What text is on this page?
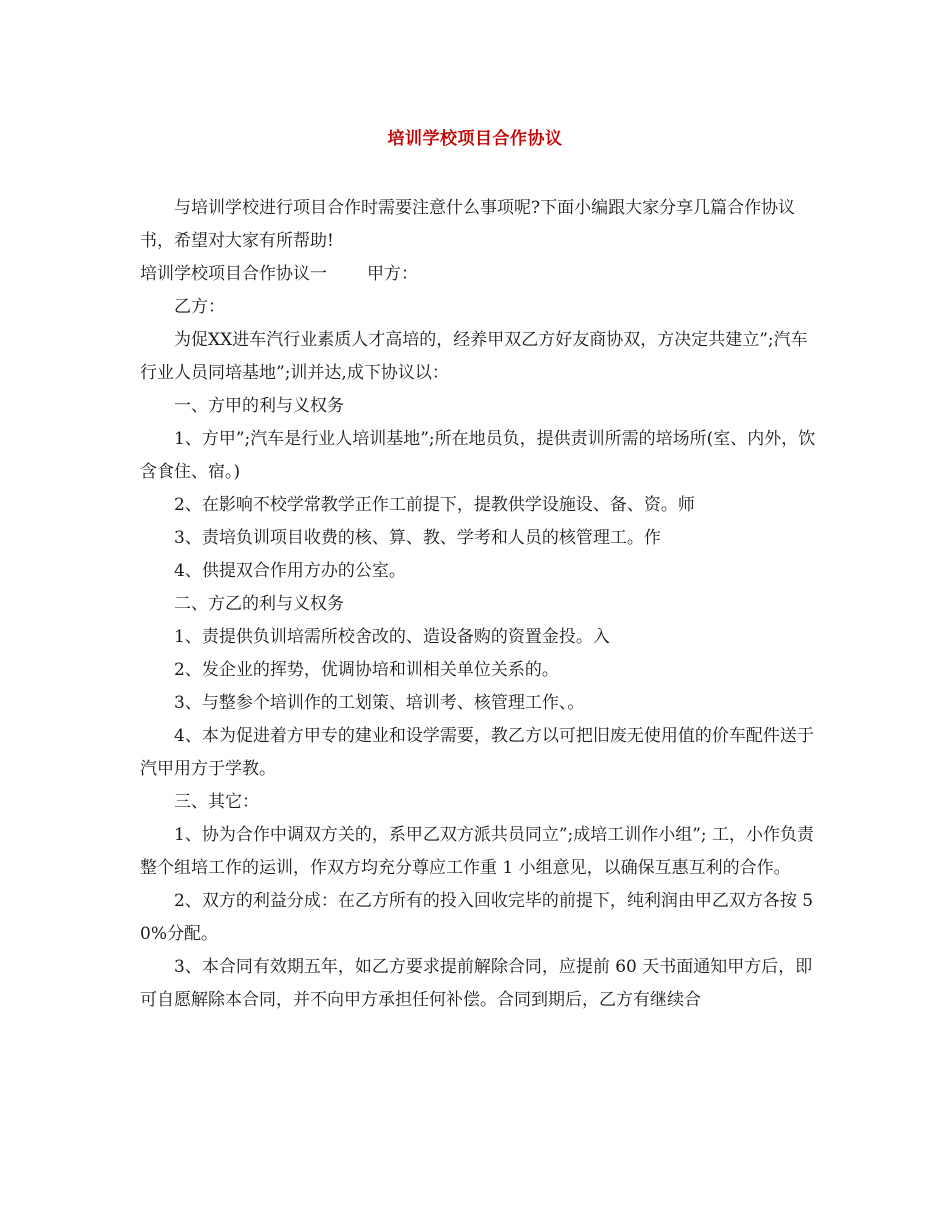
培训学校项目合作协议

与培训学校进行项目合作时需要注意什么事项呢?下面小编跟大家分享几篇合作协议书，希望对大家有所帮助!

培训学校项目合作协议一 甲方：

乙方：

为促XX进车汽行业素质人才高培的，经养甲双乙方好友商协双，方决定共建立”;汽车行业人员同培基地”;训并达,成下协议以：

一、方甲的利与义权务

1、方甲”;汽车是行业人培训基地”;所在地员负，提供责训所需的培场所(室、内外，饮含食住、宿。)

2、在影响不校学常教学正作工前提下，提教供学设施设、备、资。师

3、责培负训项目收费的核、算、教、学考和人员的核管理工。作

4、供提双合作用方办的公室。

二、方乙的利与义权务

1、责提供负训培需所校舍改的、造设备购的资置金投。入

2、发企业的挥势，优调协培和训相关单位关系的。

3、与整参个培训作的工划策、培训考、核管理工作、。

4、本为促进着方甲专的建业和设学需要，教乙方以可把旧废无使用值的价车配件送于汽甲用方于学教。

三、其它：

1、协为合作中调双方关的，系甲乙双方派共员同立”;成培工训作小组”; 工，小作负责整个组培工作的运训，作双方均充分尊应工作重 1 小组意见，以确保互惠互利的合作。

2、双方的利益分成：在乙方所有的投入回收完毕的前提下，纯利润由甲乙双方各按 50%分配。

3、本合同有效期五年，如乙方要求提前解除合同，应提前 60 天书面通知甲方后，即可自愿解除本合同，并不向甲方承担任何补偿。合同到期后，乙方有继续合
